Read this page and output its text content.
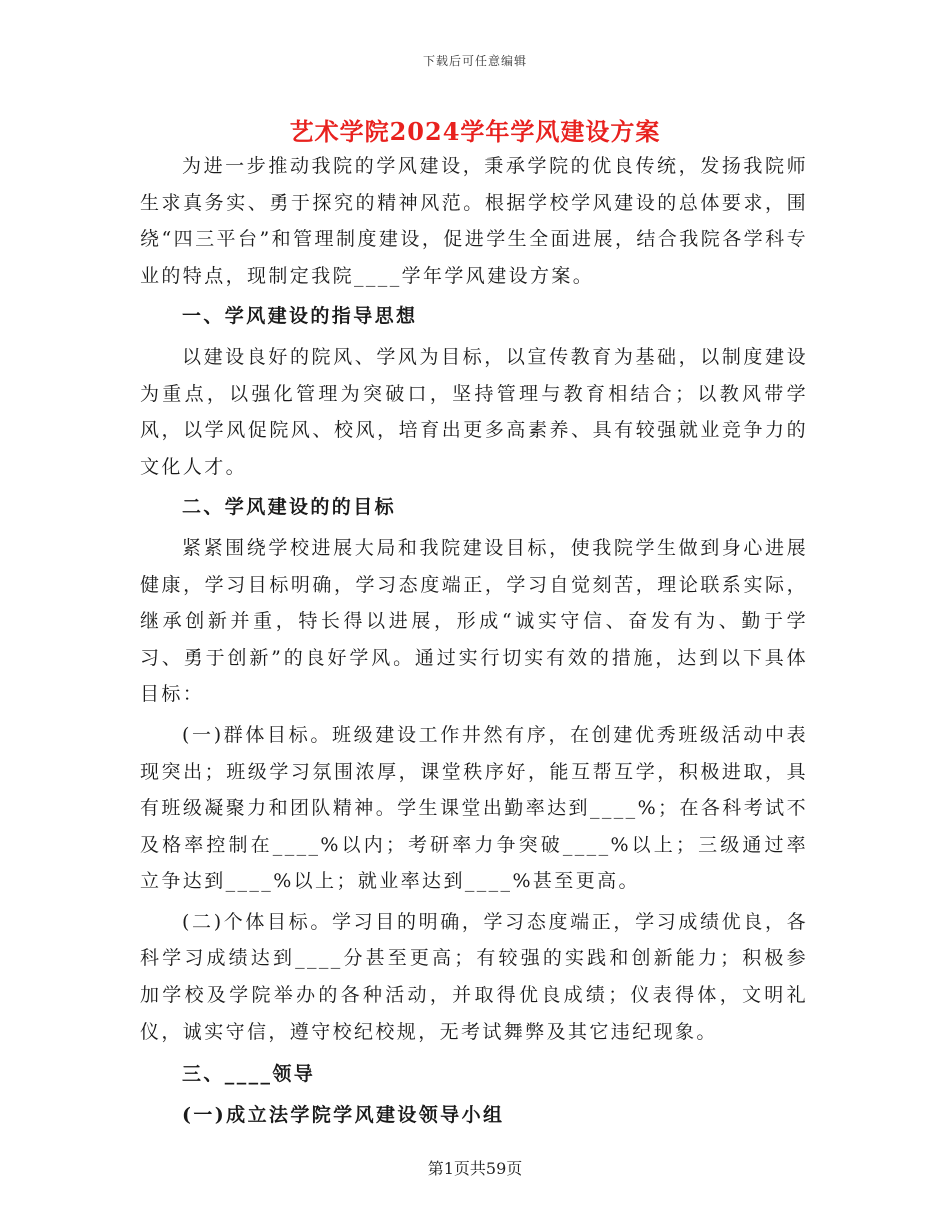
下载后可任意编辑
艺术学院2024学年学风建设方案

为进一步推动我院的学风建设，秉承学院的优良传统，发扬我院师生求真务实、勇于探究的精神风范。根据学校学风建设的总体要求，围绕“四三平台”和管理制度建设，促进学生全面进展，结合我院各学科专业的特点，现制定我院____学年学风建设方案。

一、学风建设的指导思想

以建设良好的院风、学风为目标，以宣传教育为基础，以制度建设为重点，以强化管理为突破口，坚持管理与教育相结合；以教风带学风，以学风促院风、校风，培育出更多高素养、具有较强就业竞争力的文化人才。

二、学风建设的的目标

紧紧围绕学校进展大局和我院建设目标，使我院学生做到身心进展健康，学习目标明确，学习态度端正，学习自觉刻苦，理论联系实际，继承创新并重，特长得以进展，形成“诚实守信、奋发有为、勤于学习、勇于创新”的良好学风。通过实行切实有效的措施，达到以下具体目标：

(一)群体目标。班级建设工作井然有序，在创建优秀班级活动中表现突出；班级学习氛围浓厚，课堂秩序好，能互帮互学，积极进取，具有班级凝聚力和团队精神。学生课堂出勤率达到____%；在各科考试不及格率控制在____%以内；考研率力争突破____%以上；三级通过率立争达到____%以上；就业率达到____%甚至更高。

(二)个体目标。学习目的明确，学习态度端正，学习成绩优良，各科学习成绩达到____分甚至更高；有较强的实践和创新能力；积极参加学校及学院举办的各种活动，并取得优良成绩；仪表得体，文明礼仪，诚实守信，遵守校纪校规，无考试舞弊及其它违纪现象。

三、____领导

(一)成立法学院学风建设领导小组

第1页共59页
